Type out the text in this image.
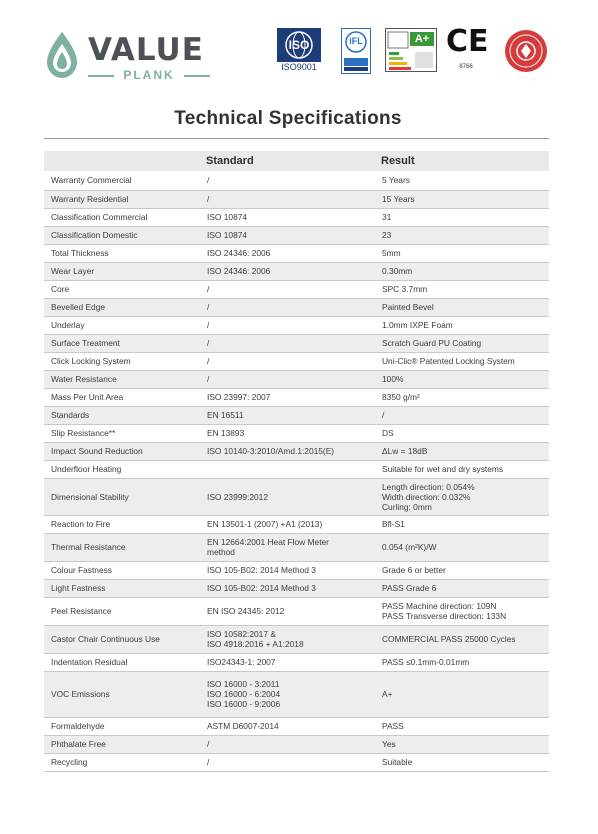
VALUE
PLANK
ISO
ISO9001
iFL	A+ CE
8766
Technical Specifications
	Standard	Result
Warranty Commercial	/	5 Years
Warranty Residential	/	15 Years
Classification Commercial	ISO 10874	31
Classification Domestic	ISO 10874	23
Total Thickness	ISO 24346: 2006	5mm
Wear Layer	ISO 24346: 2006	0.30mm
Core	/	SPC 3.7mm
Bevelled Edge	/	Painted Bevel
Underlay	/	1.0mm IXPE Foam
Surface Treatment	/	Scratch Guard PU Coating
Click Locking System	/	Uni-Clic® Patented Locking System
Water Resistance	/	100%
Mass Per Unit Area	ISO 23997: 2007	8350 g/m²
Standards	EN 16511	/
Slip Resistance**	EN 13893	DS
Impact Sound Reduction	ISO 10140-3:2010/Amd.1:2015(E)	ΔLw = 18dB
Underfloor Heating		Suitable for wet and dry systems
Dimensional Stability	ISO 23999:2012	Length direction: 0.054%
Width direction: 0.032%
Curling: 0mm
Reaction to Fire	EN 13501-1 (2007) +A1 (2013)	Bfl-S1
Thermal Resistance	EN 12664:2001 Heat Flow Meter
method	0.054 (m²K)/W
Colour Fastness	ISO 105-B02: 2014 Method 3	Grade 6 or better
Light Fastness	ISO 105-B02: 2014 Method 3	PASS Grade 6
Peel Resistance	EN ISO 24345: 2012	PASS Machine direction: 109N
PASS Transverse direction: 133N
Castor Chair Continuous Use	ISO 10582:2017 &
ISO 4918:2016 + A1:2018	COMMERCIAL PASS 25000 Cycles
Indentation Residual	ISO24343-1: 2007	PASS ≤0.1mm-0.01mm
VOC Emissions	ISO 16000 - 3:2011
ISO 16000 - 6:2004
ISO 16000 - 9:2006	A+
Formaldehyde	ASTM D6007-2014	PASS
Phthalate Free	/	Yes
Recycling	/	Suitable
